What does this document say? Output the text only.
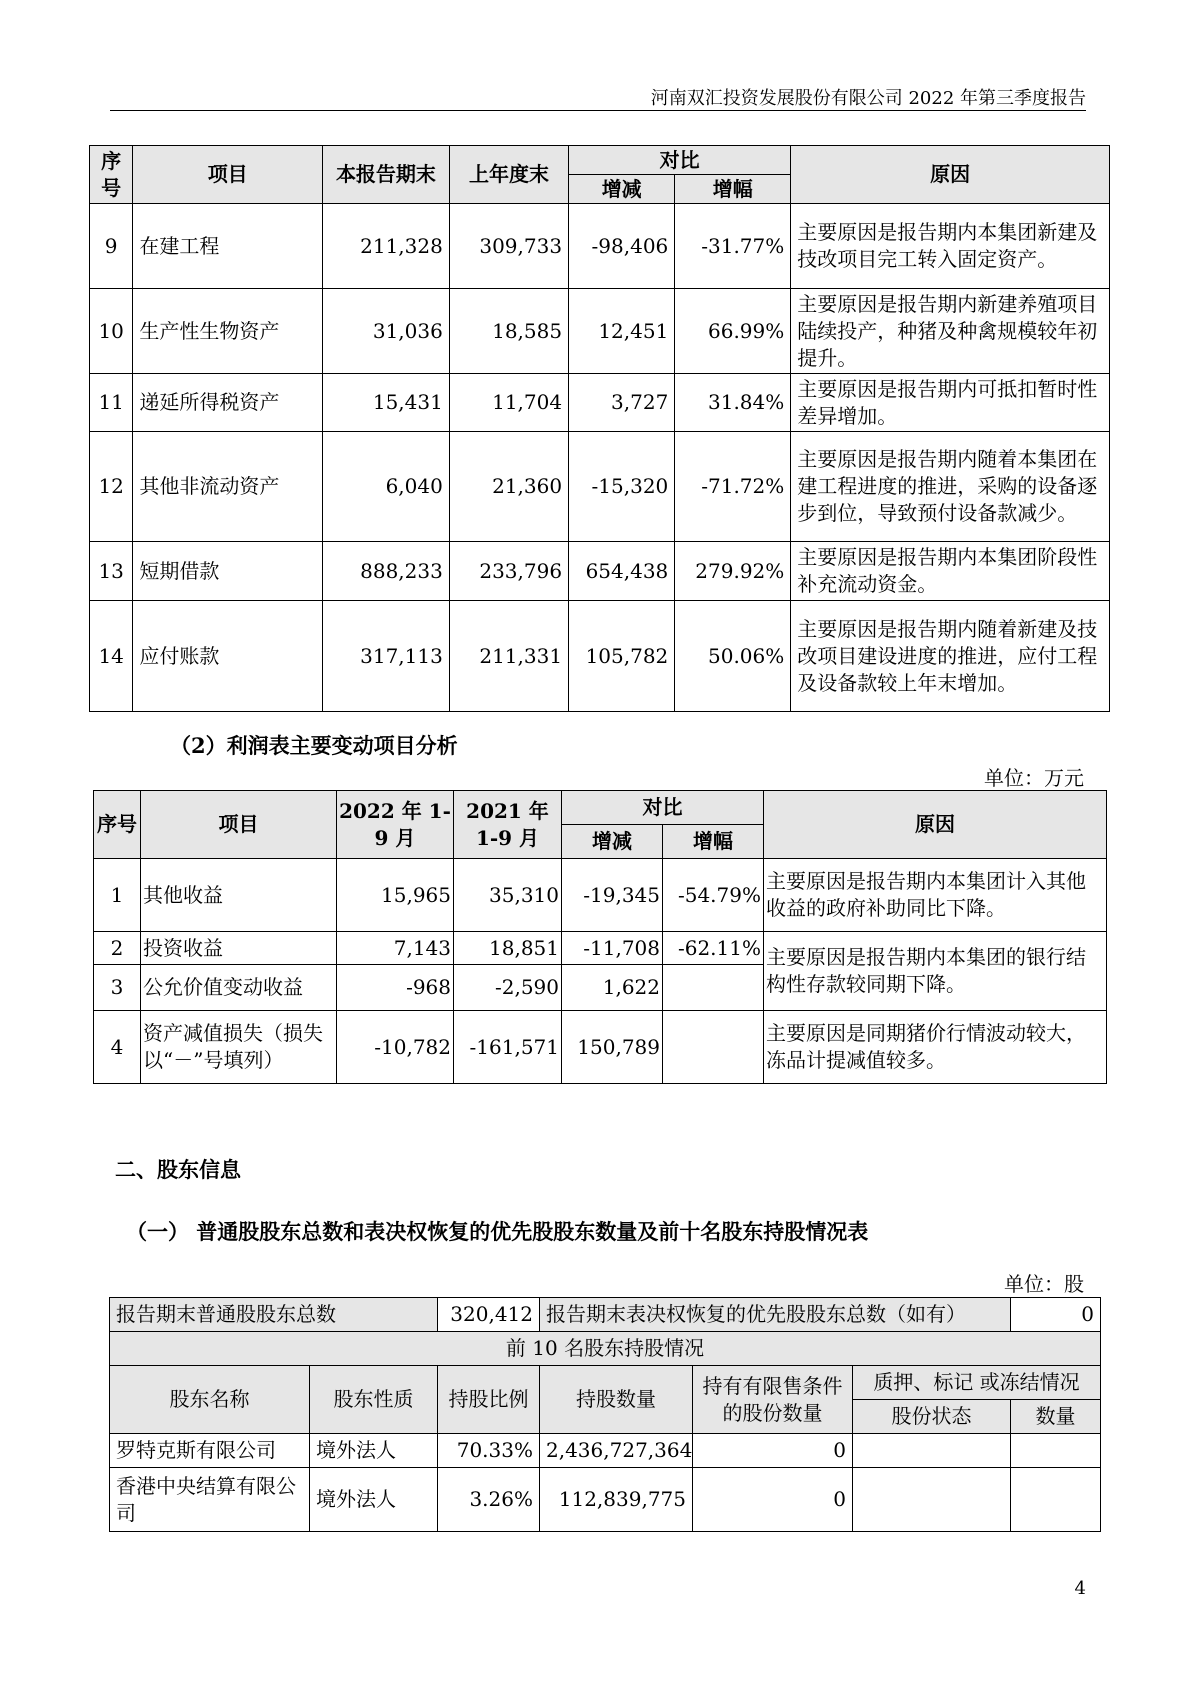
河南双汇投资发展股份有限公司 2022 年第三季度报告
序号	项目	本报告期末	上年度末	对比		原因
				增减	增幅	
9	在建工程	211,328	309,733	-98,406	-31.77%	主要原因是报告期内本集团新建及技改项目完工转入固定资产。
10	生产性生物资产	31,036	18,585	12,451	66.99%	主要原因是报告期内新建养殖项目陆续投产，种猪及种禽规模较年初提升。
11	递延所得税资产	15,431	11,704	3,727	31.84%	主要原因是报告期内可抵扣暂时性差异增加。
12	其他非流动资产	6,040	21,360	-15,320	-71.72%	主要原因是报告期内随着本集团在建工程进度的推进，采购的设备逐步到位，导致预付设备款减少。
13	短期借款	888,233	233,796	654,438	279.92%	主要原因是报告期内本集团阶段性补充流动资金。
14	应付账款	317,113	211,331	105,782	50.06%	主要原因是报告期内随着新建及技改项目建设进度的推进，应付工程及设备款较上年末增加。
（2）利润表主要变动项目分析
单位：万元
序号	项目	2022 年 1-9 月	2021 年 1-9 月	对比		原因
				增减	增幅	
1	其他收益	15,965	35,310	-19,345	-54.79%	主要原因是报告期内本集团计入其他收益的政府补助同比下降。
2	投资收益	7,143	18,851	-11,708	-62.11%	主要原因是报告期内本集团的银行结构性存款较同期下降。
3	公允价值变动收益	-968	-2,590	1,622		
4	资产减值损失（损失以“－”号填列）	-10,782	-161,571	150,789		主要原因是同期猪价行情波动较大，冻品计提减值较多。
二、股东信息
（一） 普通股股东总数和表决权恢复的优先股股东数量及前十名股东持股情况表
单位：股
报告期末普通股股东总数		320,412	报告期末表决权恢复的优先股股东总数（如有）			0
前 10 名股东持股情况						
股东名称	股东性质	持股比例	持股数量	持有有限售条件的股份数量	质押、标记 或冻结情况	
					股份状态	数量
罗特克斯有限公司	境外法人	70.33%	2,436,727,364	0		
香港中央结算有限公司	境外法人	3.26%	112,839,775	0		
4
